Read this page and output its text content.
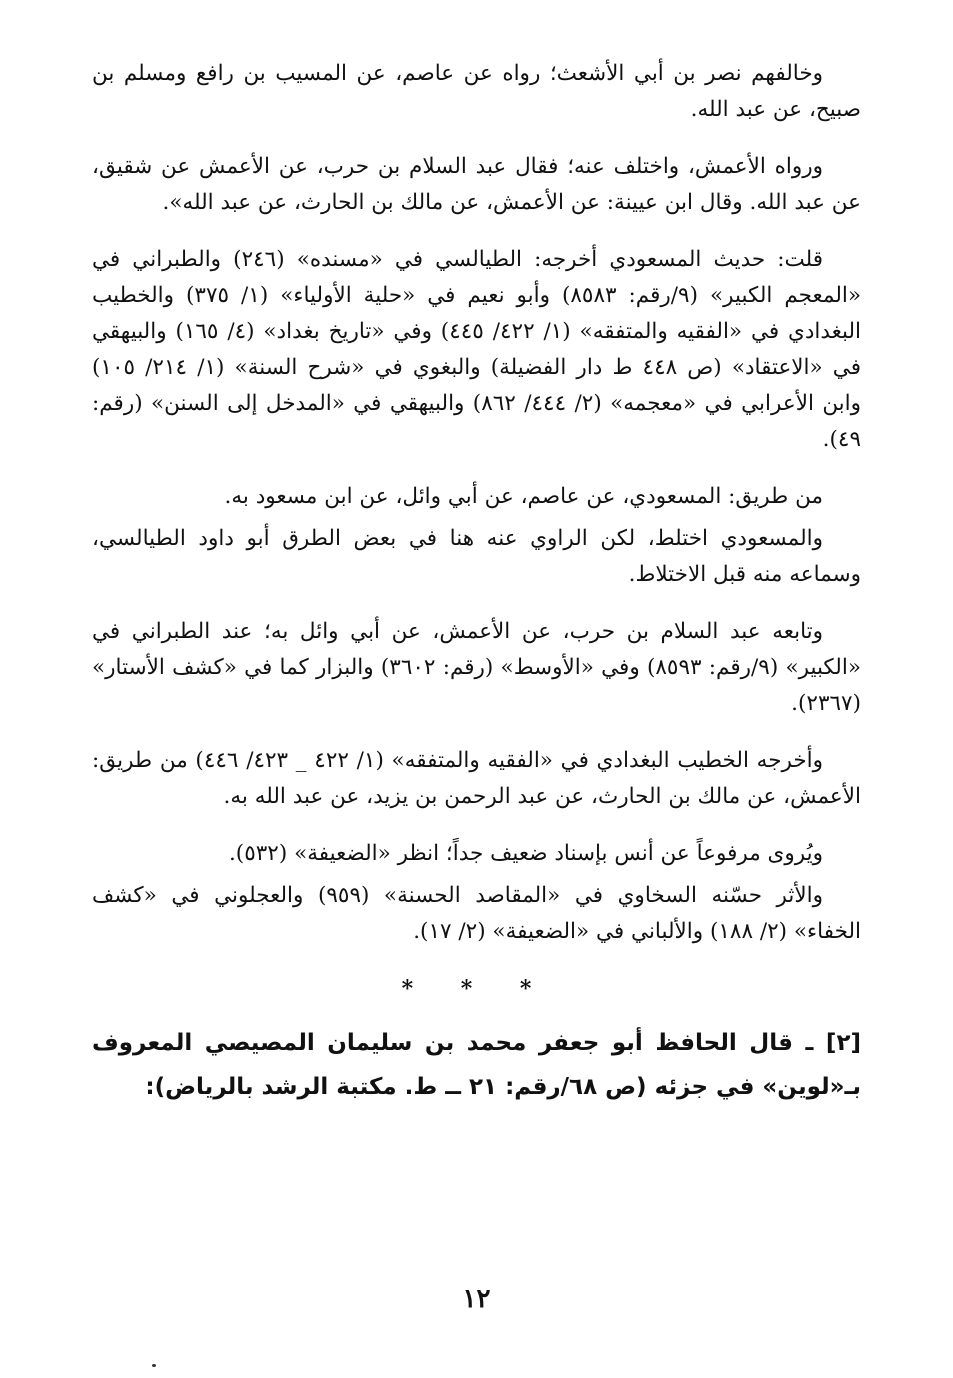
وخالفهم نصر بن أبي الأشعث؛ رواه عن عاصم، عن المسيب بن رافع ومسلم بن صبيح، عن عبد الله.

ورواه الأعمش، واختلف عنه؛ فقال عبد السلام بن حرب، عن الأعمش عن شقيق، عن عبد الله. وقال ابن عيينة: عن الأعمش، عن مالك بن الحارث، عن عبد الله».

قلت: حديث المسعودي أخرجه: الطيالسي في «مسنده» (٢٤٦) والطبراني في «المعجم الكبير» (٩/رقم: ٨٥٨٣) وأبو نعيم في «حلية الأولياء» (١/ ٣٧٥) والخطيب البغدادي في «الفقيه والمتفقه» (١/ ٤٢٢/ ٤٤٥) وفي «تاريخ بغداد» (٤/ ١٦٥) والبيهقي في «الاعتقاد» (ص ٤٤٨ ط دار الفضيلة) والبغوي في «شرح السنة» (١/ ٢١٤/ ١٠٥) وابن الأعرابي في «معجمه» (٢/ ٤٤٤/ ٨٦٢) والبيهقي في «المدخل إلى السنن» (رقم: ٤٩).

من طريق: المسعودي، عن عاصم، عن أبي وائل، عن ابن مسعود به.

والمسعودي اختلط، لكن الراوي عنه هنا في بعض الطرق أبو داود الطيالسي، وسماعه منه قبل الاختلاط.

وتابعه عبد السلام بن حرب، عن الأعمش، عن أبي وائل به؛ عند الطبراني في «الكبير» (٩/رقم: ٨٥٩٣) وفي «الأوسط» (رقم: ٣٦٠٢) والبزار كما في «كشف الأستار» (٢٣٦٧).

وأخرجه الخطيب البغدادي في «الفقيه والمتفقه» (١/ ٤٢٢ _ ٤٢٣/ ٤٤٦) من طريق: الأعمش، عن مالك بن الحارث، عن عبد الرحمن بن يزيد، عن عبد الله به.

ويُروى مرفوعاً عن أنس بإسناد ضعيف جداً؛ انظر «الضعيفة» (٥٣٢).

والأثر حسّنه السخاوي في «المقاصد الحسنة» (٩٥٩) والعجلوني في «كشف الخفاء» (٢/ ١٨٨) والألباني في «الضعيفة» (٢/ ١٧).

* * *

[٢] ـ قال الحافظ أبو جعفر محمد بن سليمان المصيصي المعروف بـ«لوين» في جزئه (ص ٦٨/رقم: ٢١ ــ ط. مكتبة الرشد بالرياض):

١٢
